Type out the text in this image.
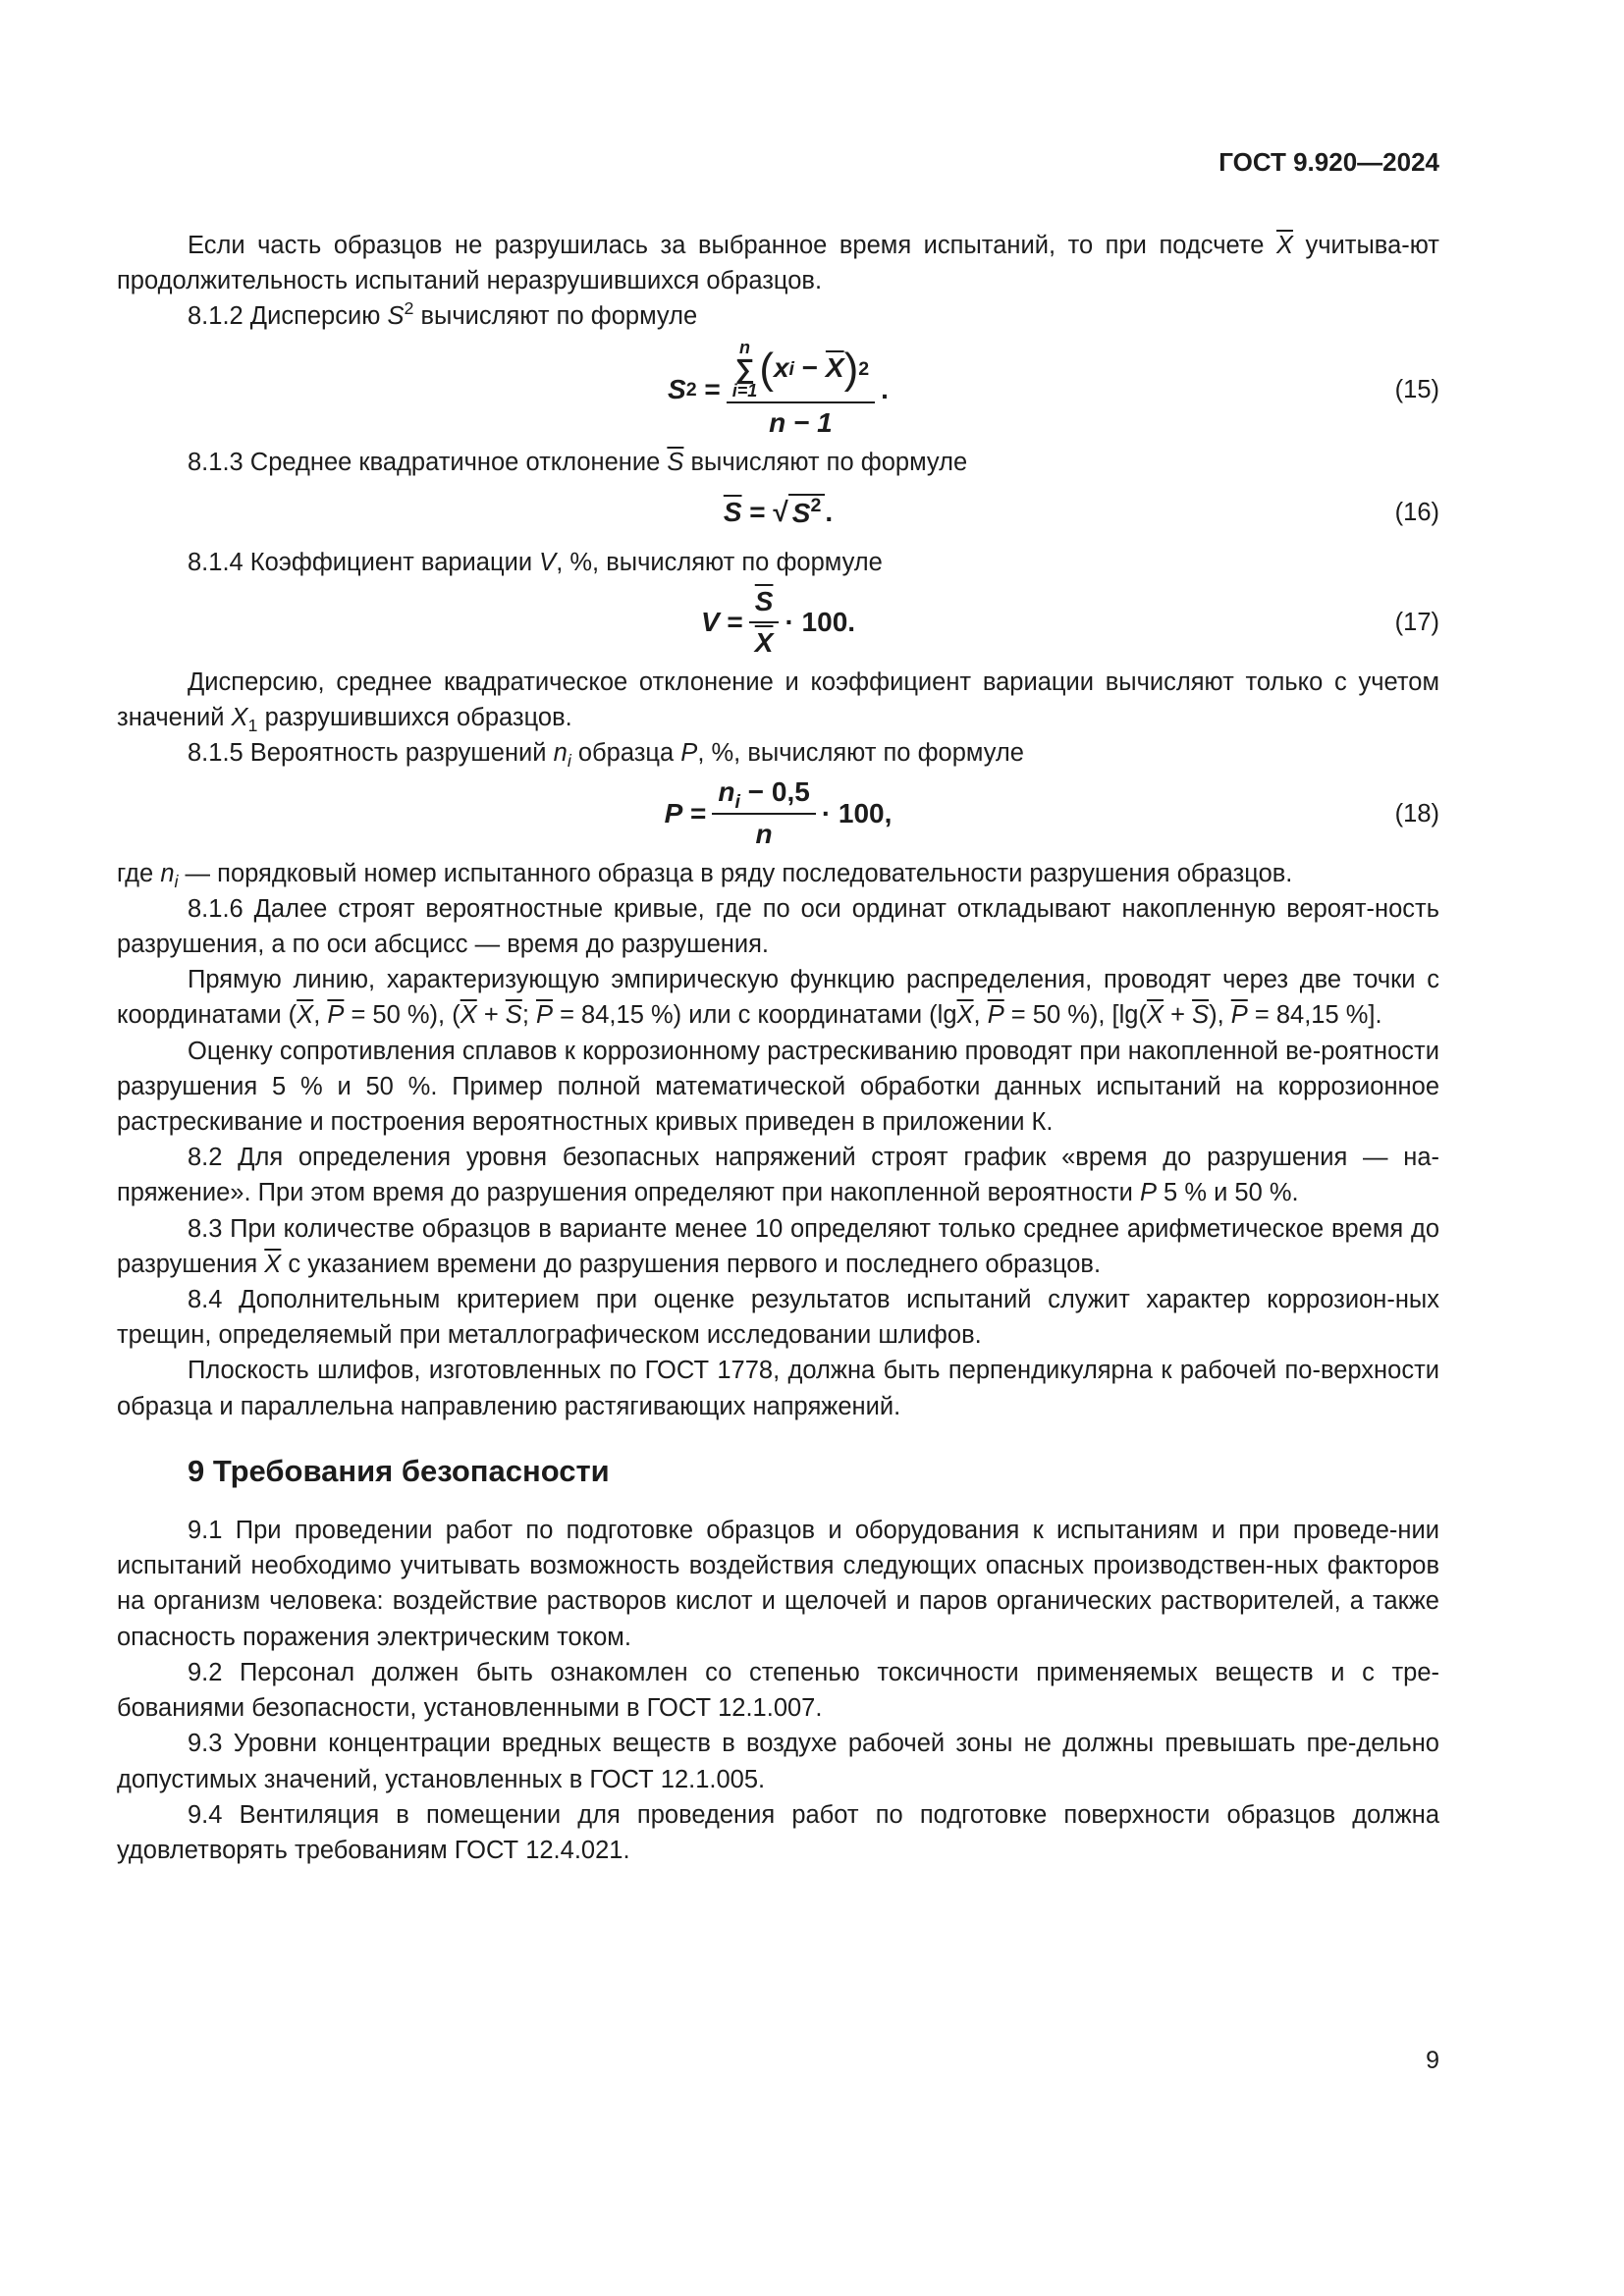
ГОСТ 9.920—2024

Если часть образцов не разрушилась за выбранное время испытаний, то при подсчете $\overline{X}$ учитыва-ют продолжительность испытаний неразрушившихся образцов.

8.1.2 Дисперсию $S^2$ вычисляют по формуле

S 2
= n
∑
i=1 ( x $i - \overline{X}$ ) 2
n − 1 .	(15)

8.1.3 Среднее квадратичное отклонение $\overline{S}$ вычисляют по формуле

$\overline{S}$ = √ $S^2$ .	(16)

8.1.4 Коэффициент вариации V, %, вычисляют по формуле

$V = \frac{\overline{S}}{X} \cdot 100$.	(17)

Дисперсию, среднее квадратическое отклонение и коэффициент вариации вычисляют только с учетом значений $X_1$ разрушившихся образцов.

8.1.5 Вероятность разрушений $n_i$ образца P, %, вычисляют по формуле

$P = \frac{n_i - 0,5}{n} \cdot 100$,	(18)

где $n_i$ — порядковый номер испытанного образца в ряду последовательности разрушения образцов.

8.1.6 Далее строят вероятностные кривые, где по оси ординат откладывают накопленную вероят-ность разрушения, а по оси абсцисс — время до разрушения.

Прямую линию, характеризующую эмпирическую функцию распределения, проводят через две точки с координатами ($\overline{X}$, $\overline{P} = 50$ %), ($\overline{X} + \overline{S}$; $\overline{P} = 84,15$ %) или с координатами ($\lg\overline{X}$, $\overline{P} = 50$ %), [$\lg(\overline{X} + \overline{S})$, $\overline{P} = 84,15$ %].

Оценку сопротивления сплавов к коррозионному растрескиванию проводят при накопленной ве-роятности разрушения 5 % и 50 %. Пример полной математической обработки данных испытаний на коррозионное растрескивание и построения вероятностных кривых приведен в приложении К.

8.2 Для определения уровня безопасных напряжений строят график «время до разрушения — на-пряжение». При этом время до разрушения определяют при накопленной вероятности P 5 % и 50 %.

8.3 При количестве образцов в варианте менее 10 определяют только среднее арифметическое время до разрушения $\overline{X}$ с указанием времени до разрушения первого и последнего образцов.

8.4 Дополнительным критерием при оценке результатов испытаний служит характер коррозион-ных трещин, определяемый при металлографическом исследовании шлифов.

Плоскость шлифов, изготовленных по ГОСТ 1778, должна быть перпендикулярна к рабочей по-верхности образца и параллельна направлению растягивающих напряжений.

9 Требования безопасности

9.1 При проведении работ по подготовке образцов и оборудования к испытаниям и при проведе-нии испытаний необходимо учитывать возможность воздействия следующих опасных производствен-ных факторов на организм человека: воздействие растворов кислот и щелочей и паров органических растворителей, а также опасность поражения электрическим током.

9.2 Персонал должен быть ознакомлен со степенью токсичности применяемых веществ и с тре-бованиями безопасности, установленными в ГОСТ 12.1.007.

9.3 Уровни концентрации вредных веществ в воздухе рабочей зоны не должны превышать пре-дельно допустимых значений, установленных в ГОСТ 12.1.005.

9.4 Вентиляция в помещении для проведения работ по подготовке поверхности образцов должна удовлетворять требованиям ГОСТ 12.4.021.

9
